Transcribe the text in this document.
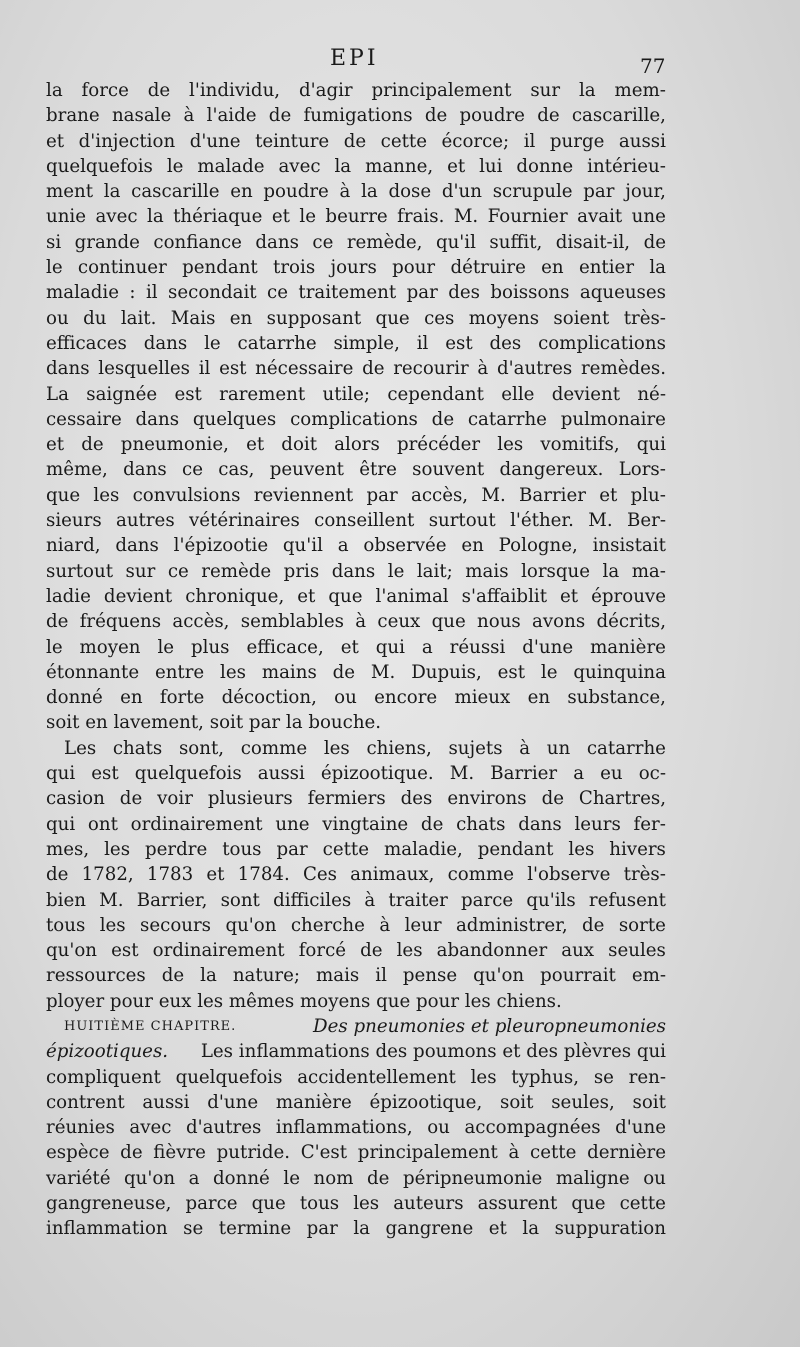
EPI	77
la force de l'individu, d'agir principalement sur la mem-
brane nasale à l'aide de fumigations de poudre de cascarille,
et d'injection d'une teinture de cette écorce; il purge aussi
quelquefois le malade avec la manne, et lui donne intérieu-
ment la cascarille en poudre à la dose d'un scrupule par jour,
unie avec la thériaque et le beurre frais. M. Fournier avait une
si grande confiance dans ce remède, qu'il suffit, disait-il, de
le continuer pendant trois jours pour détruire en entier la
maladie : il secondait ce traitement par des boissons aqueuses
ou du lait. Mais en supposant que ces moyens soient très-
efficaces dans le catarrhe simple, il est des complications
dans lesquelles il est nécessaire de recourir à d'autres remèdes.
La saignée est rarement utile; cependant elle devient né-
cessaire dans quelques complications de catarrhe pulmonaire
et de pneumonie, et doit alors précéder les vomitifs, qui
même, dans ce cas, peuvent être souvent dangereux. Lors-
que les convulsions reviennent par accès, M. Barrier et plu-
sieurs autres vétérinaires conseillent surtout l'éther. M. Ber-
niard, dans l'épizootie qu'il a observée en Pologne, insistait
surtout sur ce remède pris dans le lait; mais lorsque la ma-
ladie devient chronique, et que l'animal s'affaiblit et éprouve
de fréquens accès, semblables à ceux que nous avons décrits,
le moyen le plus efficace, et qui a réussi d'une manière
étonnante entre les mains de M. Dupuis, est le quinquina
donné en forte décoction, ou encore mieux en substance,
soit en lavement, soit par la bouche.
Les chats sont, comme les chiens, sujets à un catarrhe
qui est quelquefois aussi épizootique. M. Barrier a eu oc-
casion de voir plusieurs fermiers des environs de Chartres,
qui ont ordinairement une vingtaine de chats dans leurs fer-
mes, les perdre tous par cette maladie, pendant les hivers
de 1782, 1783 et 1784. Ces animaux, comme l'observe très-
bien M. Barrier, sont difficiles à traiter parce qu'ils refusent
tous les secours qu'on cherche à leur administrer, de sorte
qu'on est ordinairement forcé de les abandonner aux seules
ressources de la nature; mais il pense qu'on pourrait em-
ployer pour eux les mêmes moyens que pour les chiens.
HUITIÈME CHAPITRE.	Des pneumonies et pleuropneumonies
épizootiques. Les inflammations des poumons et des plèvres qui
compliquent quelquefois accidentellement les typhus, se ren-
contrent aussi d'une manière épizootique, soit seules, soit
réunies avec d'autres inflammations, ou accompagnées d'une
espèce de fièvre putride. C'est principalement à cette dernière
variété qu'on a donné le nom de péripneumonie maligne ou
gangreneuse, parce que tous les auteurs assurent que cette
inflammation se termine par la gangrene et la suppuration
